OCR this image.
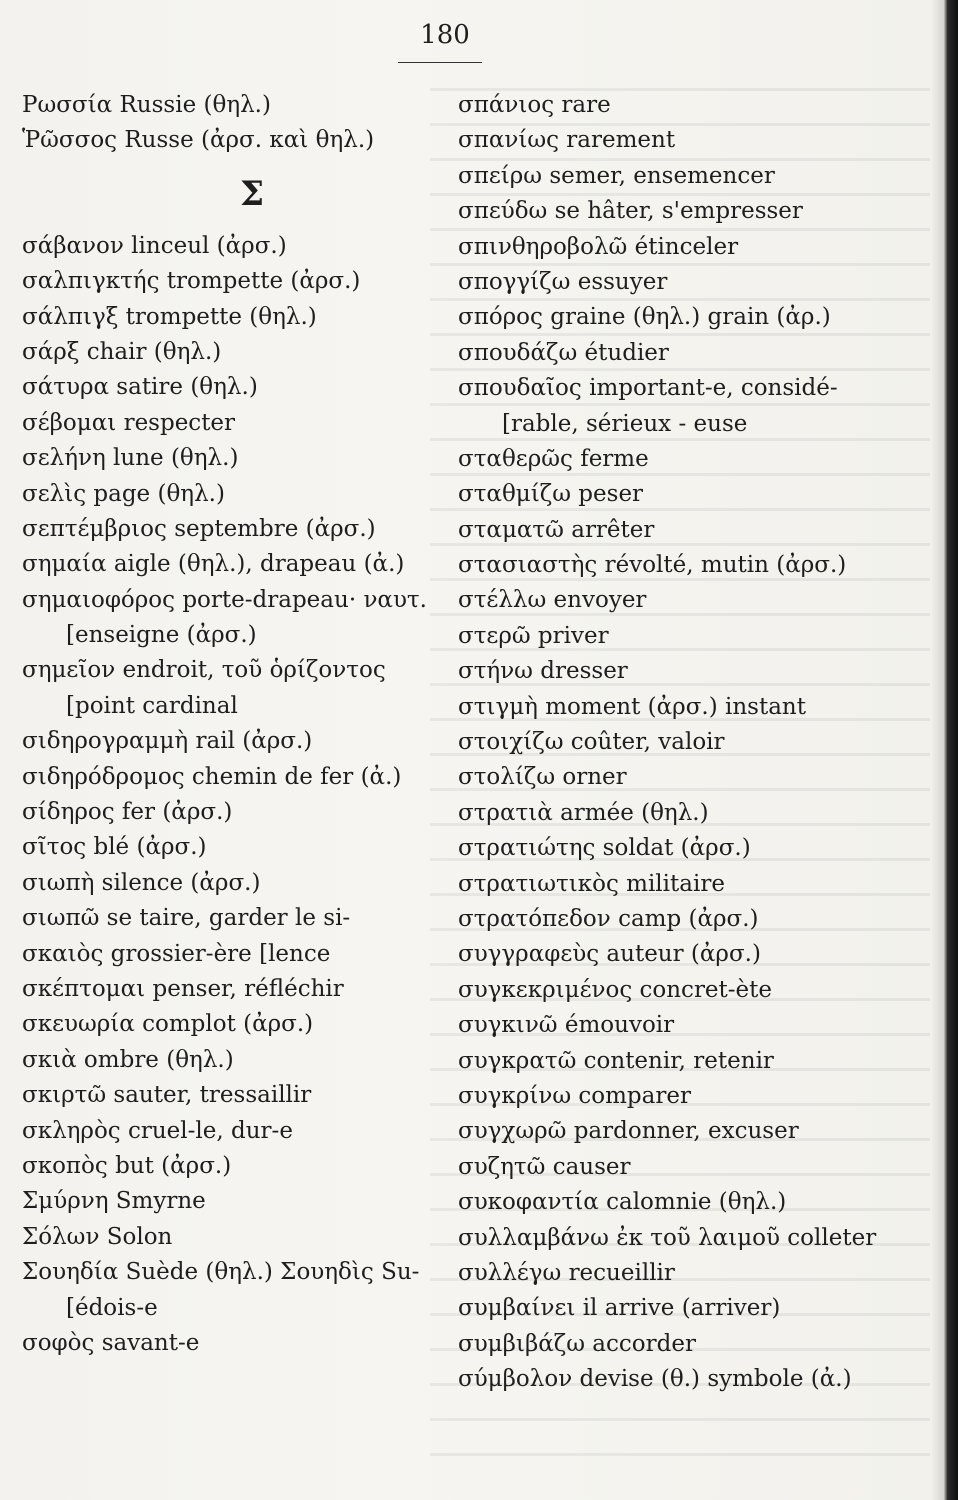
180
Ρωσσία Russie (θηλ.)
Ῥῶσσος Russe (ἀρσ. καὶ θηλ.)
Σ
σάβανον linceul (ἀρσ.)
σαλπιγκτής trompette (ἀρσ.)
σάλπιγξ trompette (θηλ.)
σάρξ chair (θηλ.)
σάτυρα satire (θηλ.)
σέβομαι respecter
σελήνη lune (θηλ.)
σελὶς page (θηλ.)
σεπτέμβριος septembre (ἀρσ.)
σημαία aigle (θηλ.), drapeau (ἀ.)
σημαιοφόρος porte-drapeau· ναυτ.
[enseigne (ἀρσ.)
σημεῖον endroit, τοῦ ὁρίζοντος
[point cardinal
σιδηρογραμμὴ rail (ἀρσ.)
σιδηρόδρομος chemin de fer (ἀ.)
σίδηρος fer (ἀρσ.)
σῖτος blé (ἀρσ.)
σιωπὴ silence (ἀρσ.)
σιωπῶ se taire, garder le si-
σκαιὸς grossier-ère [lence
σκέπτομαι penser, réfléchir
σκευωρία complot (ἀρσ.)
σκιὰ ombre (θηλ.)
σκιρτῶ sauter, tressaillir
σκληρὸς cruel-le, dur-e
σκοπὸς but (ἀρσ.)
Σμύρνη Smyrne
Σόλων Solon
Σουηδία Suède (θηλ.) Σουηδὶς Su-
[édois-e
σοφὸς savant-e
σπάνιος rare
σπανίως rarement
σπείρω semer, ensemencer
σπεύδω se hâter, s'empresser
σπινθηροβολῶ étinceler
σπογγίζω essuyer
σπόρος graine (θηλ.) grain (ἀρ.)
σπουδάζω étudier
σπουδαῖος important-e, considé-
[rable, sérieux - euse
σταθερῶς ferme
σταθμίζω peser
σταματῶ arrêter
στασιαστὴς révolté, mutin (ἀρσ.)
στέλλω envoyer
στερῶ priver
στήνω dresser
στιγμὴ moment (ἀρσ.) instant
στοιχίζω coûter, valoir
στολίζω orner
στρατιὰ armée (θηλ.)
στρατιώτης soldat (ἀρσ.)
στρατιωτικὸς militaire
στρατόπεδον camp (ἀρσ.)
συγγραφεὺς auteur (ἀρσ.)
συγκεκριμένος concret-ète
συγκινῶ émouvoir
συγκρατῶ contenir, retenir
συγκρίνω comparer
συγχωρῶ pardonner, excuser
συζητῶ causer
συκοφαντία calomnie (θηλ.)
συλλαμβάνω ἐκ τοῦ λαιμοῦ colleter
συλλέγω recueillir
συμβαίνει il arrive (arriver)
συμβιβάζω accorder
σύμβολον devise (θ.) symbole (ἀ.)
